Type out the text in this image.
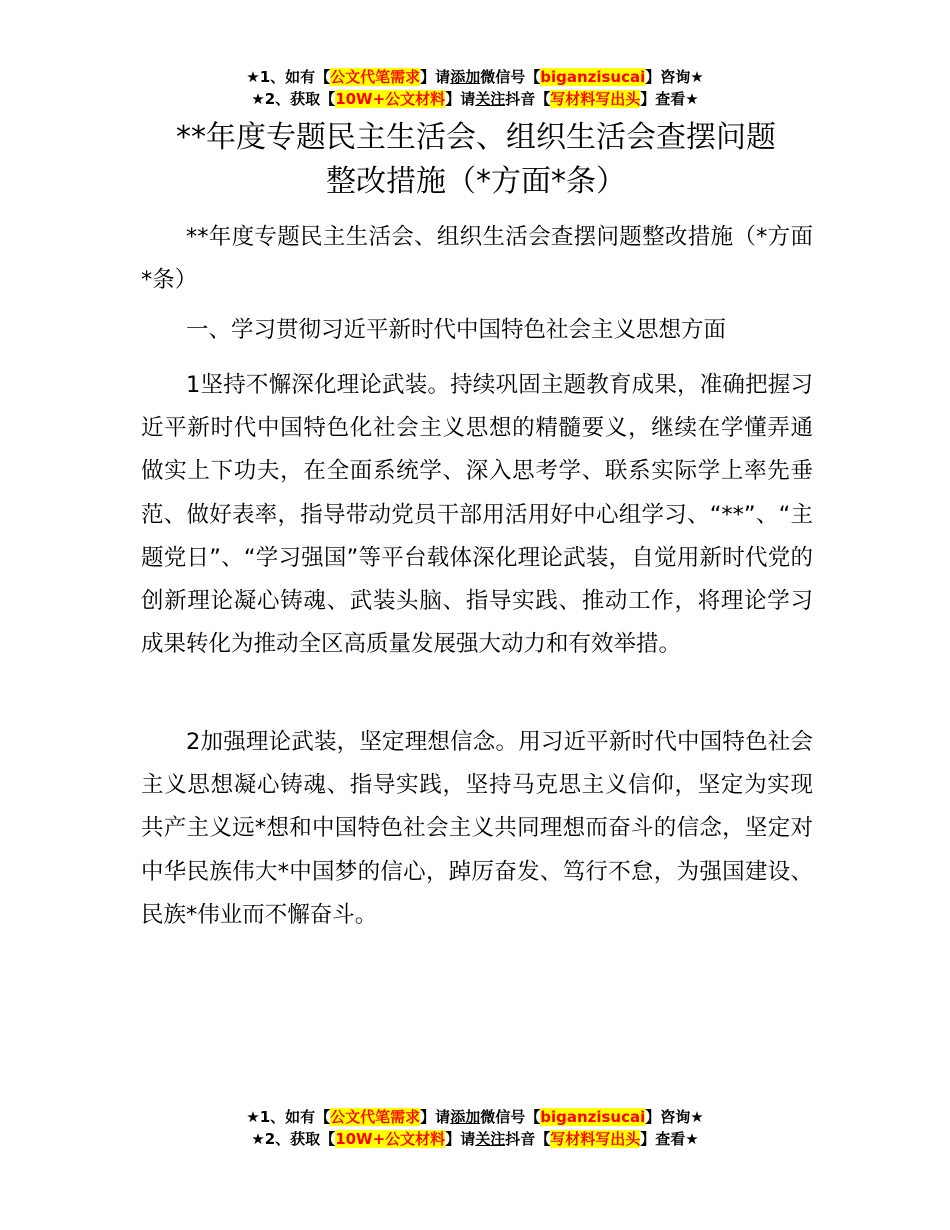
★1、如有【公文代笔需求】请添加微信号【biganzisucai】咨询★
★2、获取【10W+公文材料】请关注抖音【写材料写出头】查看★
**年度专题民主生活会、组织生活会查摆问题
整改措施（*方面*条）

**年度专题民主生活会、组织生活会查摆问题整改措施（*方面*条）

一、学习贯彻习近平新时代中国特色社会主义思想方面

1坚持不懈深化理论武装。持续巩固主题教育成果，准确把握习近平新时代中国特色化社会主义思想的精髓要义，继续在学懂弄通做实上下功夫，在全面系统学、深入思考学、联系实际学上率先垂范、做好表率，指导带动党员干部用活用好中心组学习、“**”、“主题党日”、“学习强国”等平台载体深化理论武装，自觉用新时代党的创新理论凝心铸魂、武装头脑、指导实践、推动工作，将理论学习成果转化为推动全区高质量发展强大动力和有效举措。

2加强理论武装，坚定理想信念。用习近平新时代中国特色社会主义思想凝心铸魂、指导实践，坚持马克思主义信仰，坚定为实现共产主义远*想和中国特色社会主义共同理想而奋斗的信念，坚定对中华民族伟大*中国梦的信心，踔厉奋发、笃行不怠，为强国建设、民族*伟业而不懈奋斗。

★1、如有【公文代笔需求】请添加微信号【biganzisucai】咨询★
★2、获取【10W+公文材料】请关注抖音【写材料写出头】查看★
